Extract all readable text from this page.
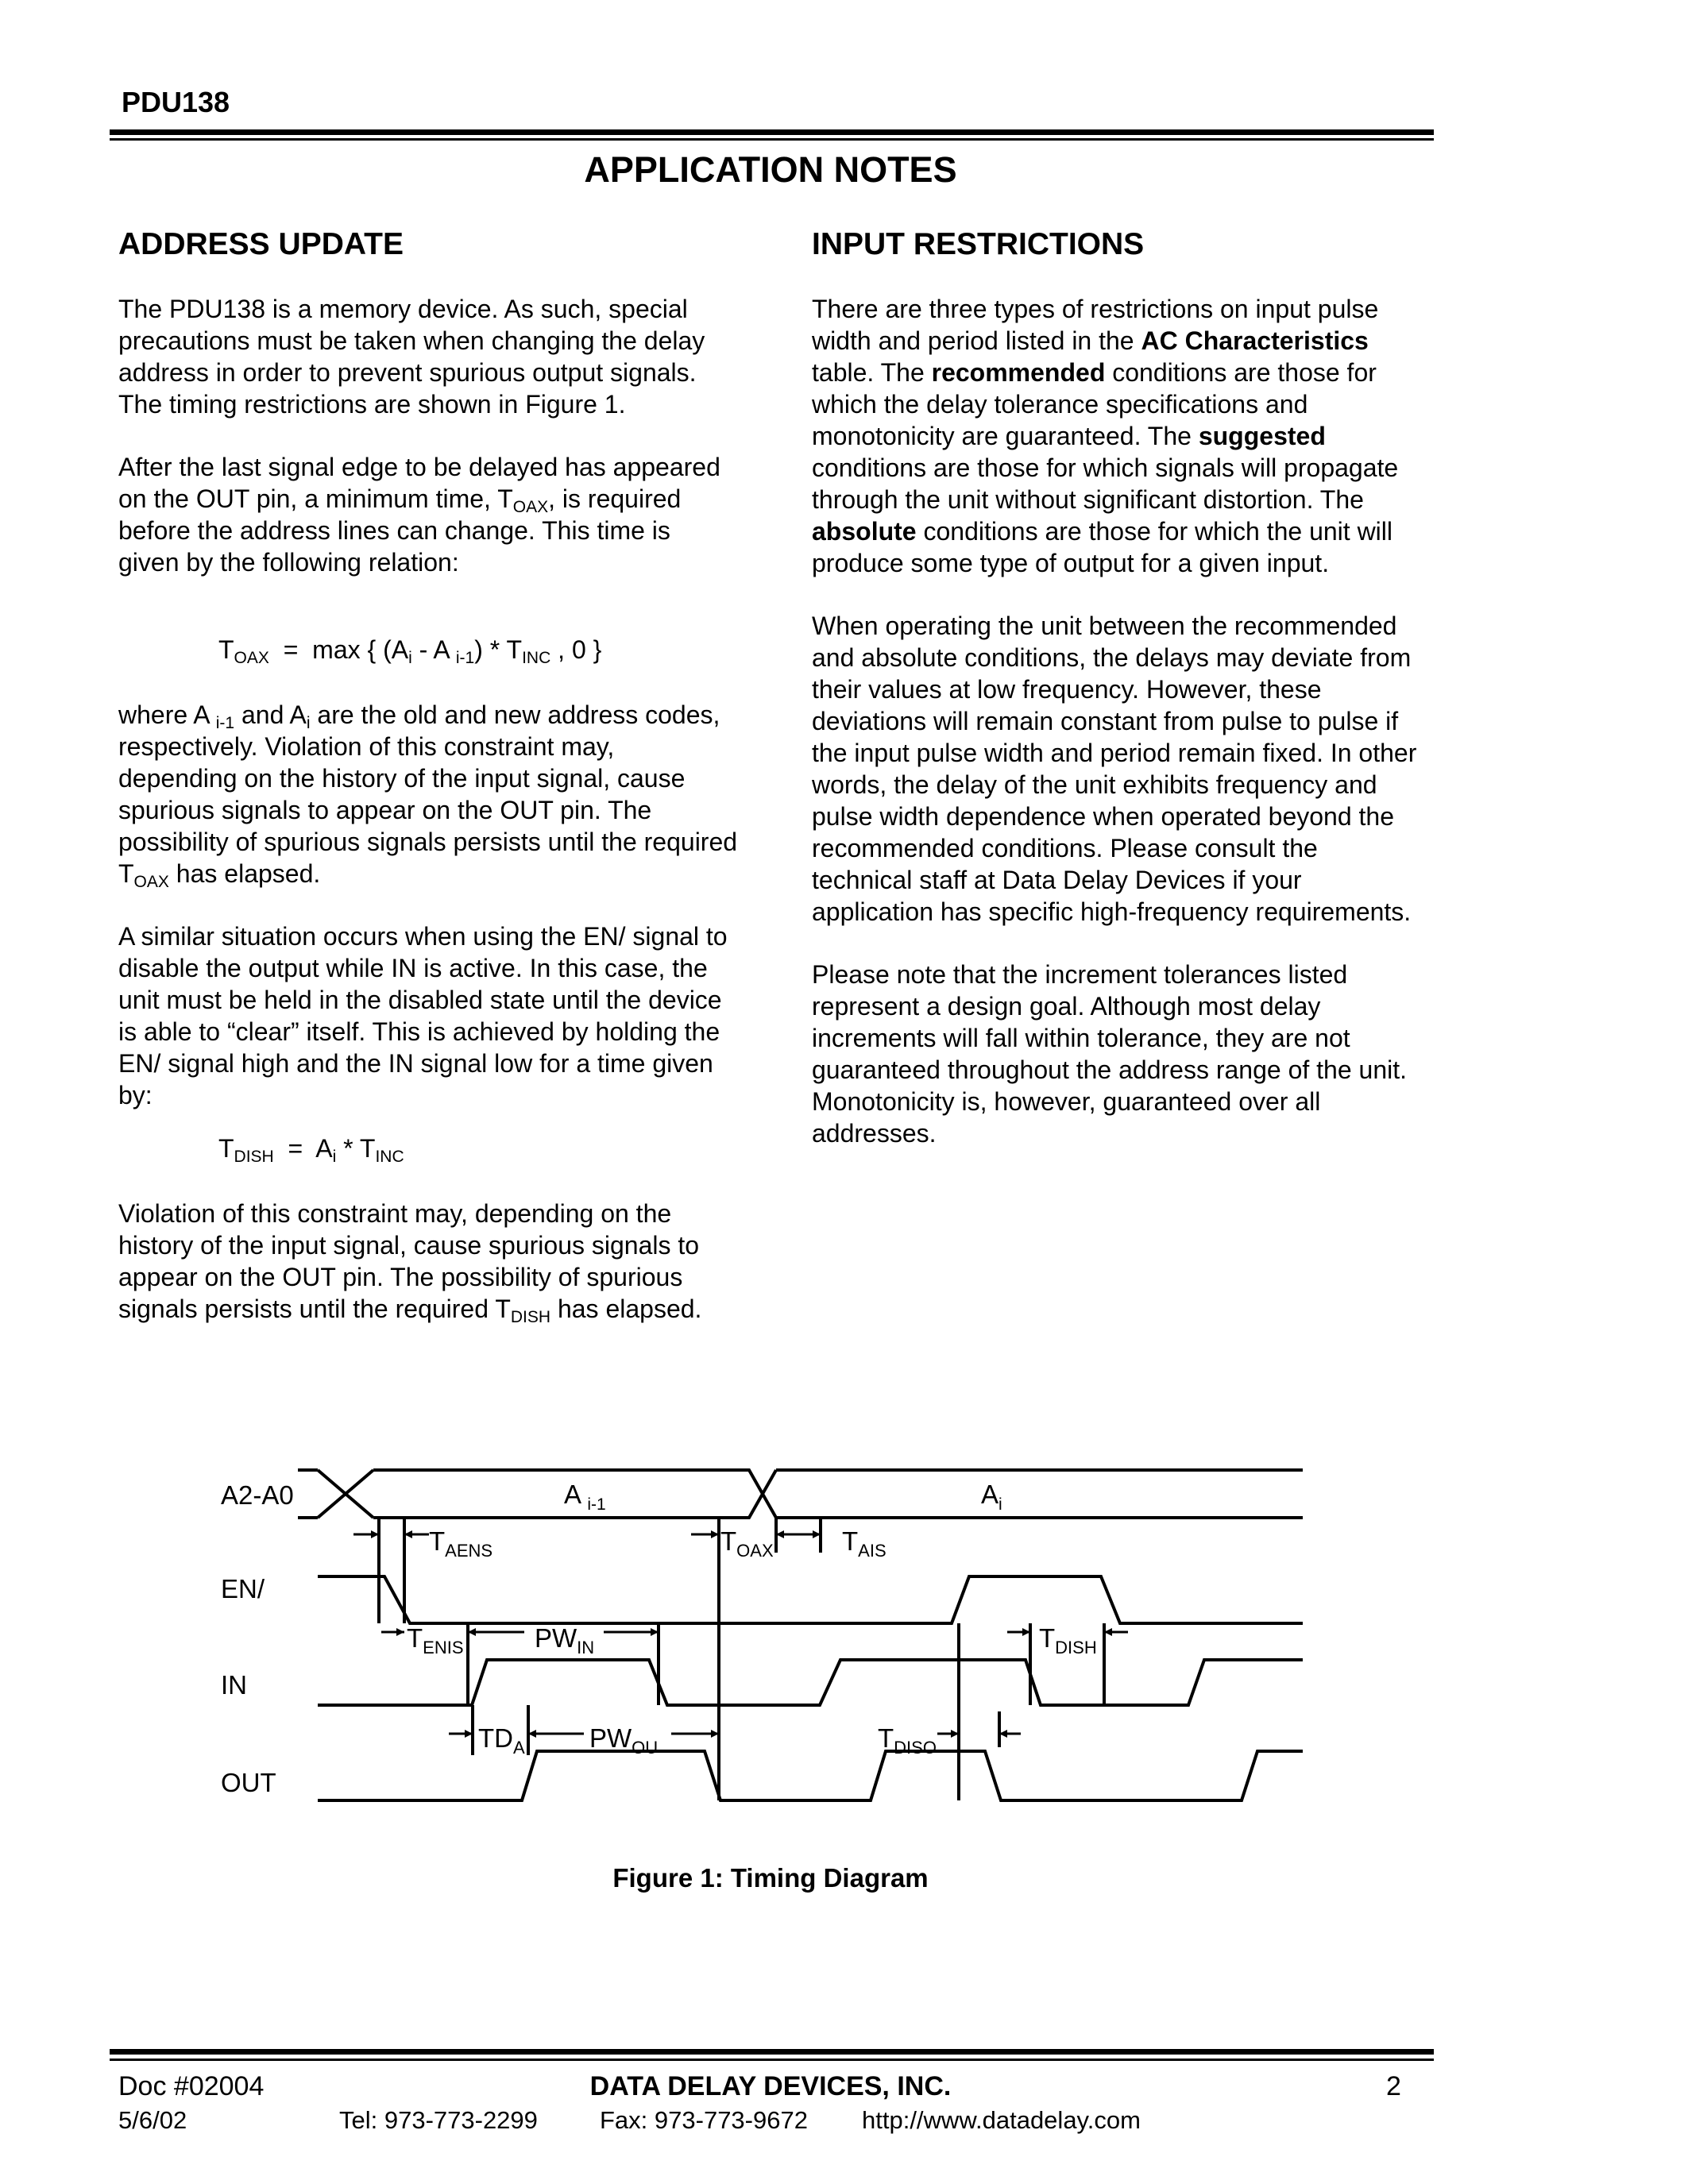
PDU138
APPLICATION NOTES
ADDRESS UPDATE

The PDU138 is a memory device. As such, special precautions must be taken when changing the delay address in order to prevent spurious output signals. The timing restrictions are shown in Figure 1.

After the last signal edge to be delayed has appeared on the OUT pin, a minimum time, $T_{OAX}$, is required before the address lines can change. This time is given by the following relation:

$T_{OAX} = \max$ { ($A_i$ - A $_{i-1}) * T_{INC}$ , 0 }

where A $_{i-1}$ and $A_i$ are the old and new address codes, respectively. Violation of this constraint may, depending on the history of the input signal, cause spurious signals to appear on the OUT pin. The possibility of spurious signals persists until the required $T_{OAX}$ has elapsed.

A similar situation occurs when using the EN/ signal to disable the output while IN is active. In this case, the unit must be held in the disabled state until the device is able to “clear” itself. This is achieved by holding the EN/ signal high and the IN signal low for a time given by:

$T_{DISH} = A_i * T_{INC}$

Violation of this constraint may, depending on the history of the input signal, cause spurious signals to appear on the OUT pin. The possibility of spurious signals persists until the required $T_{DISH}$ has elapsed.

INPUT RESTRICTIONS

There are three types of restrictions on input pulse width and period listed in the AC Characteristics table. The recommended conditions are those for which the delay tolerance specifications and monotonicity are guaranteed. The suggested conditions are those for which signals will propagate through the unit without significant distortion. The absolute conditions are those for which the unit will produce some type of output for a given input.

When operating the unit between the recommended and absolute conditions, the delays may deviate from their values at low frequency. However, these deviations will remain constant from pulse to pulse if the input pulse width and period remain fixed. In other words, the delay of the unit exhibits frequency and pulse width dependence when operated beyond the recommended conditions. Please consult the technical staff at Data Delay Devices if your application has specific high-frequency requirements.

Please note that the increment tolerances listed represent a design goal. Although most delay increments will fall within tolerance, they are not guaranteed throughout the address range of the unit. Monotonicity is, however, guaranteed over all addresses.

A2-A0
EN/
IN
OUT
A $_{i-1}$	$A_i$
$T_{AENS}$	$T_{OAX}$	$T_{AIS}$
$T_{ENIS}$	$PW_{IN}$	$T_{DISH}$
$TD_A$ $PW_{OU}$	$T_{DISO}$
Figure 1: Timing Diagram
Doc #02004	DATA DELAY DEVICES, INC.	2
5/6/02	Tel: 973-773-2299	Fax: 973-773-9672 http://www.datadelay.com
